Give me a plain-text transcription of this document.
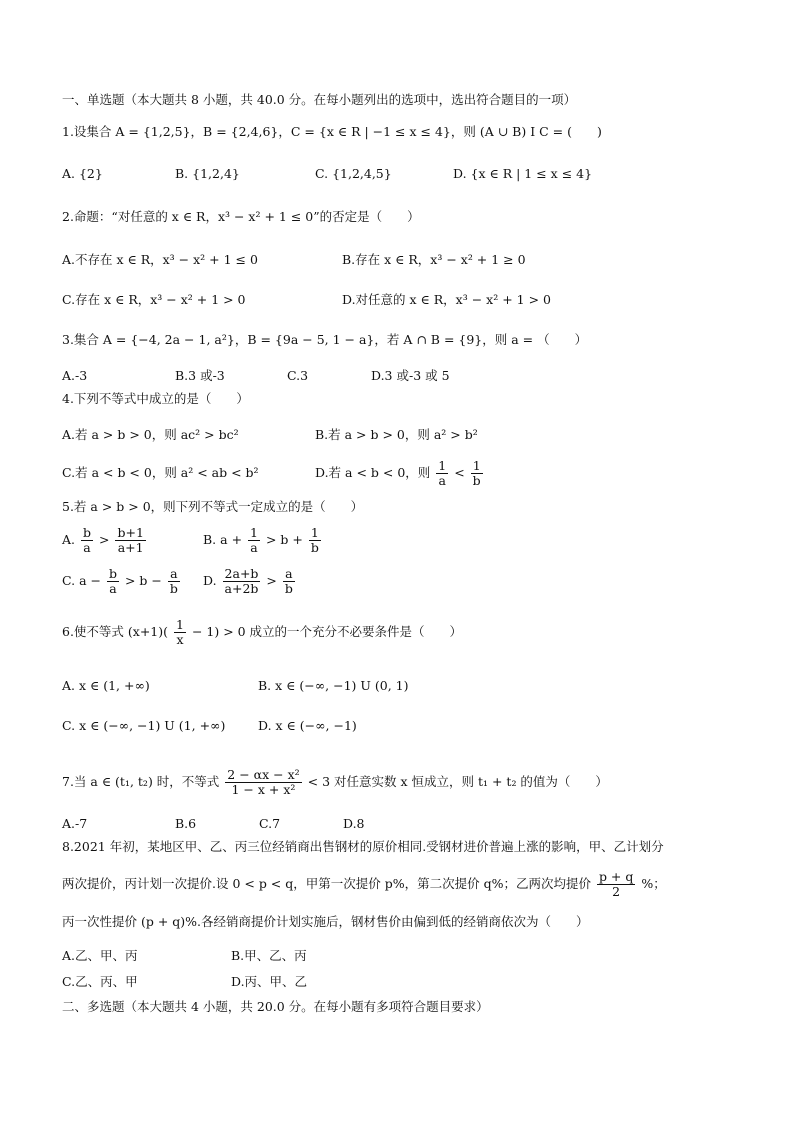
一、单选题（本大题共 8 小题，共 40.0 分。在每小题列出的选项中，选出符合题目的一项）
1.设集合 A = {1,2,5}，B = {2,4,6}，C = {x ∈ R | −1 ≤ x ≤ 4}，则 (A ∪ B) I C = (　　)
A. {2}	B. {1,2,4}	C. {1,2,4,5}	D. {x ∈ R | 1 ≤ x ≤ 4}
2.命题：“对任意的 x ∈ R，x³ − x² + 1 ≤ 0”的否定是（　　）
A.不存在 x ∈ R，x³ − x² + 1 ≤ 0	B.存在 x ∈ R，x³ − x² + 1 ≥ 0
C.存在 x ∈ R，x³ − x² + 1 > 0	D.对任意的 x ∈ R，x³ − x² + 1 > 0
3.集合 A = {−4, 2a − 1, a²}，B = {9a − 5, 1 − a}，若 A ∩ B = {9}，则 a = （　　）
A.-3	B.3 或-3	C.3	D.3 或-3 或 5
4.下列不等式中成立的是（　　）
A.若 a > b > 0，则 ac² > bc²	B.若 a > b > 0，则 a² > b²
C.若 a < b < 0，则 a² < ab < b²	D.若 a < b < 0，则 $\frac{1}{a} < \frac{1}{b}$
5.若 a > b > 0，则下列不等式一定成立的是（　　）
A. $\frac{b}{a} > \frac{b+1}{a+1}$	B. $a + \frac{1}{a} > b + \frac{1}{b}$
C. $a - \frac{b}{a} > b - \frac{a}{b} D$. $\frac{2a+b}{a+2b} > \frac{a}{b}$
6.使不等式 $(x+1)( \frac{1}{x} - 1) > 0$ 成立的一个充分不必要条件是（　　）
A. x ∈ (1, +∞)	B. x ∈ (−∞, −1) U (0, 1)
C. x ∈ (−∞, −1) U (1, +∞)	D. x ∈ (−∞, −1)
7.当 a ∈ (t₁, t₂) 时，不等式 $\frac{\text{2 − αx − x²}}{\text{1 − x + x²}} < 3$ 对任意实数 x 恒成立，则 t₁ + t₂ 的值为（　　）
A.-7	B.6	C.7	D.8
8.2021 年初，某地区甲、乙、丙三位经销商出售钢材的原价相同.受钢材进价普遍上涨的影响，甲、乙计划分
两次提价，丙计划一次提价.设 0 < p < q，甲第一次提价 p%，第二次提价 q%；乙两次均提价 $\frac{p + q}{2}$ %；
丙一次性提价 (p + q)%.各经销商提价计划实施后，钢材售价由偏到低的经销商依次为（　　）
A.乙、甲、丙	B.甲、乙、丙
C.乙、丙、甲	D.丙、甲、乙
二、多选题（本大题共 4 小题，共 20.0 分。在每小题有多项符合题目要求）
